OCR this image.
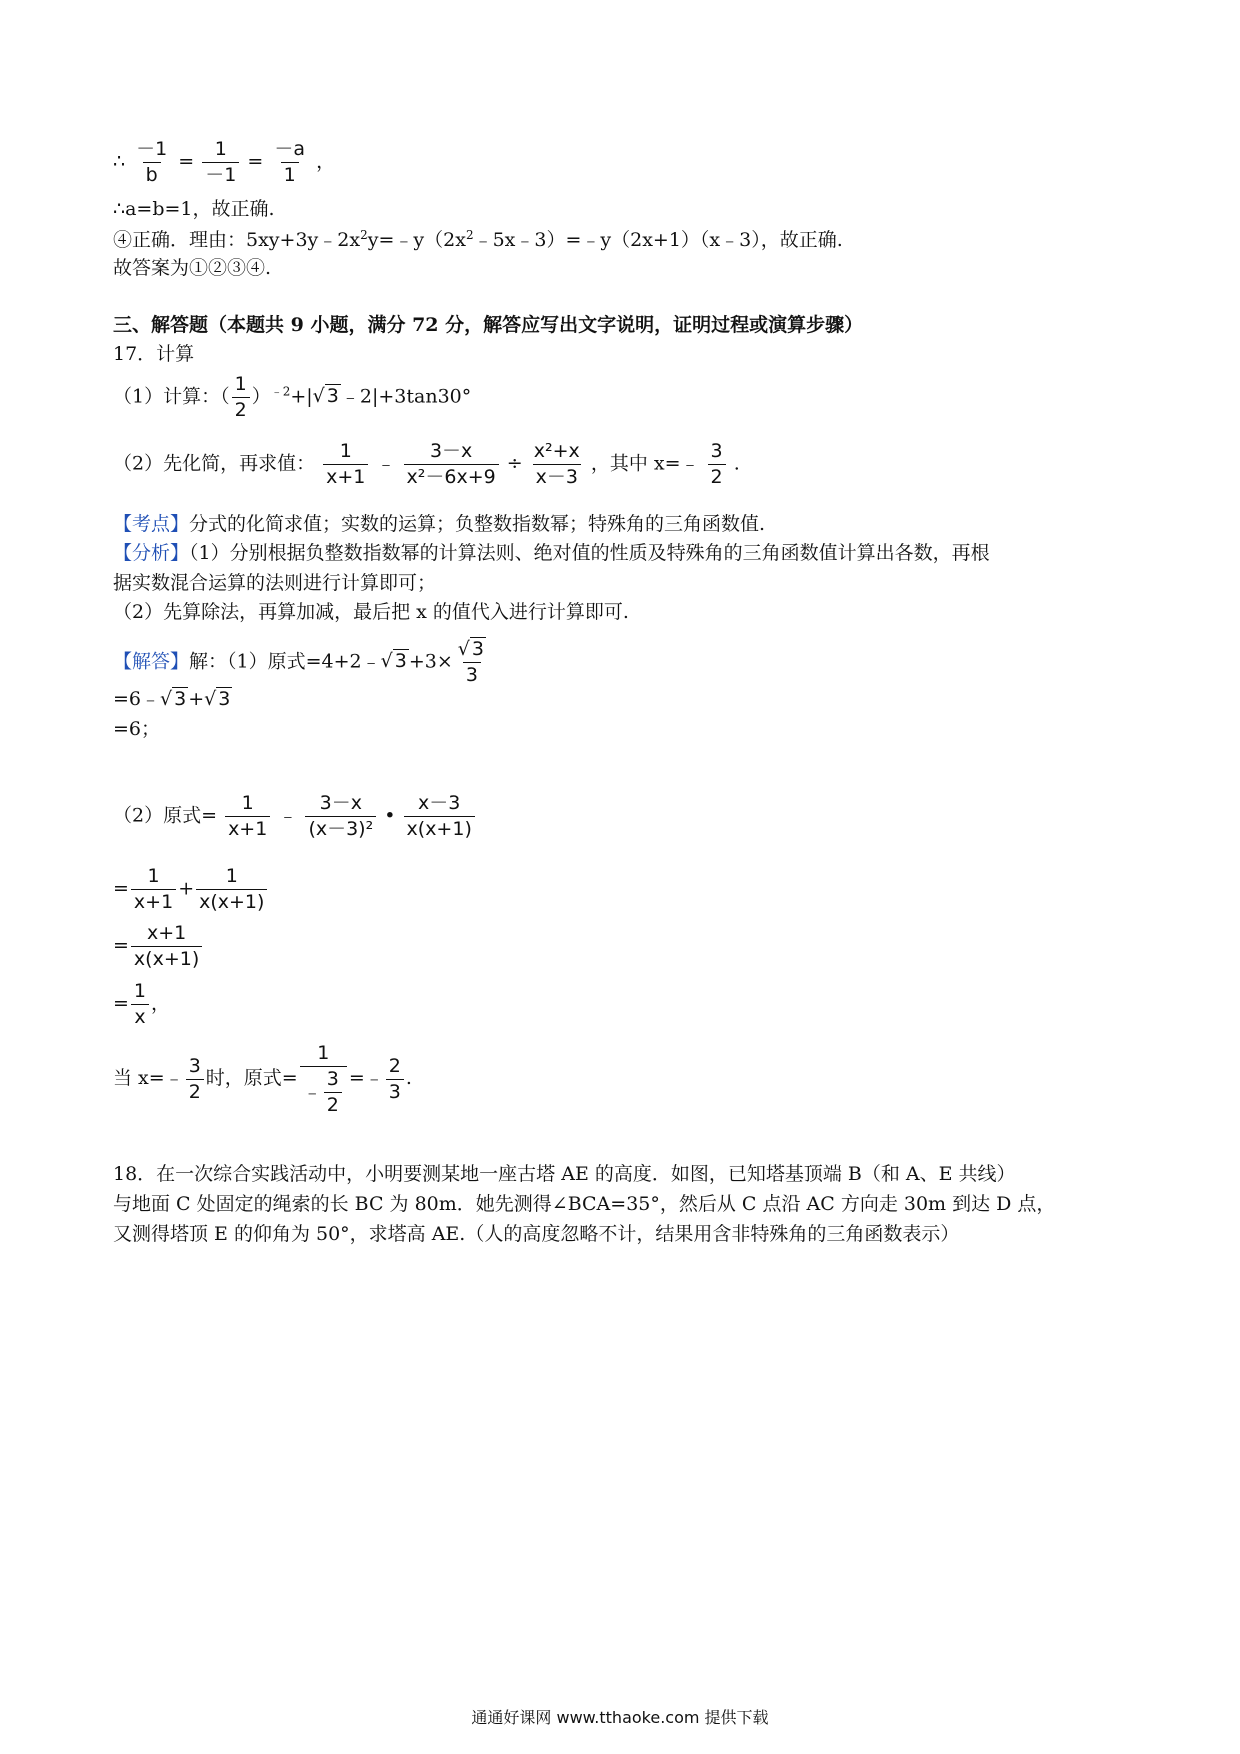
∴ $\frac{-1}{b} = \frac{1}{-1} = \frac{-a}{1}$ ，
∴a=b=1，故正确.
④正确．理由：$5xy+3y﹣2x^2y=﹣y(2x^2﹣5x﹣3)=﹣y(2x+1)(x﹣3)$，故正确.
故答案为①②③④.
三、解答题（本题共 9 小题，满分 72 分，解答应写出文字说明，证明过程或演算步骤）
17．计算
（1）计算：（ $\frac{1}{2} )^{﹣2}+|√$ 3 ﹣2|+3tan30°
（2）先化简，再求值： $\frac{1}{x+1}$ ﹣ $\frac{3-x}{\text{x²－6x+9}} \div \frac{\text{x²+x}}{x-3}$ ，其中 x=﹣ $\frac{3}{2}$ .
【考点】分式的化简求值；实数的运算；负整数指数幂；特殊角的三角函数值.
【分析】（1）分别根据负整数指数幂的计算法则、绝对值的性质及特殊角的三角函数值计算出各数，再根
据实数混合运算的法则进行计算即可；
（2）先算除法，再算加减，最后把 x 的值代入进行计算即可.
【解答】解：（1）原式=4+2﹣√ $3 +3\times \frac{√ 3}{3}$
=6﹣√ 3 +√ 3
=6；
（2）原式= $\frac{1}{x+1}$ ﹣ $\frac{3-x}{\text{(x－3)²}}$ • $\frac{x-3}{x(x+1)}$
= $\frac{1}{x+1} + \frac{1}{x(x+1)}$
= $\frac{x+1}{x(x+1)}$
= $\frac{1}{x}$ ，
当 x=﹣ $\frac{3}{2}$ 时，原式= $\frac{1}{﹣ \frac{3}{2}}$ =﹣ $\frac{2}{3}$ .
18．在一次综合实践活动中，小明要测某地一座古塔 AE 的高度．如图，已知塔基顶端 B（和 A、E 共线）
与地面 C 处固定的绳索的长 BC 为 80m．她先测得∠BCA=35°，然后从 C 点沿 AC 方向走 30m 到达 D 点，
又测得塔顶 E 的仰角为 50°，求塔高 AE.（人的高度忽略不计，结果用含非特殊角的三角函数表示）
通通好课网 www.tthaoke.com 提供下载
